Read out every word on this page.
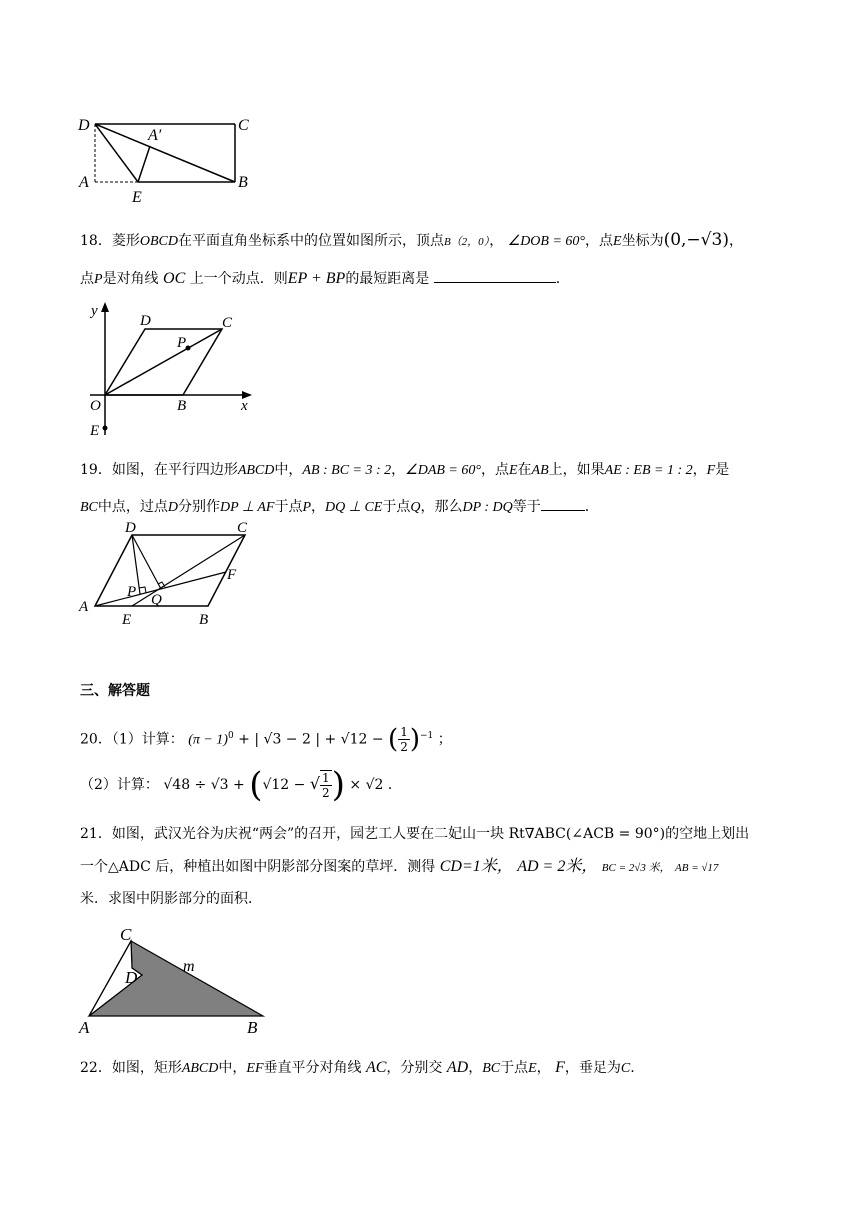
D	C
A′
A
E
B
18．菱形OBCD在平面直角坐标系中的位置如图所示，顶点B（2，0）， ∠DOB = 60°，点E坐标为(0,−√3)，
点P是对角线 OC 上一个动点．则EP + BP的最短距离是	．
y
D	C
P
O	B	x
E
19．如图，在平行四边形ABCD中，AB : BC = 3 : 2，∠DAB = 60°，点E在AB上，如果AE : EB = 1 : 2，F是
BC中点，过点D分别作DP ⊥ AF于点P，DQ ⊥ CE于点Q，那么DP : DQ等于	．
D	C
F
P Q
A
E	B
三、解答题
20．（1）计算： $(\pi - 1)^0$ + | √3 − 2 | + √12 − ( $\frac{1}{2} )^{-1}$ ；
（2）计算： √48 ÷ √3 + (√12 − √ $\frac{1}{2}$ ) × √2 ．
21．如图，武汉光谷为庆祝“两会”的召开，园艺工人要在二妃山一块 Rt∇ABC(∠ACB = 90°)的空地上划出
一个△ADC 后，种植出如图中阴影部分图案的草坪．测得 CD=1米， AD = 2米， BC = 2√3 米， AB = √17
米．求图中阴影部分的面积．
C
D
m
A	B
22．如图，矩形ABCD中，EF垂直平分对角线 AC，分别交 AD，BC于点E， F，垂足为C.
